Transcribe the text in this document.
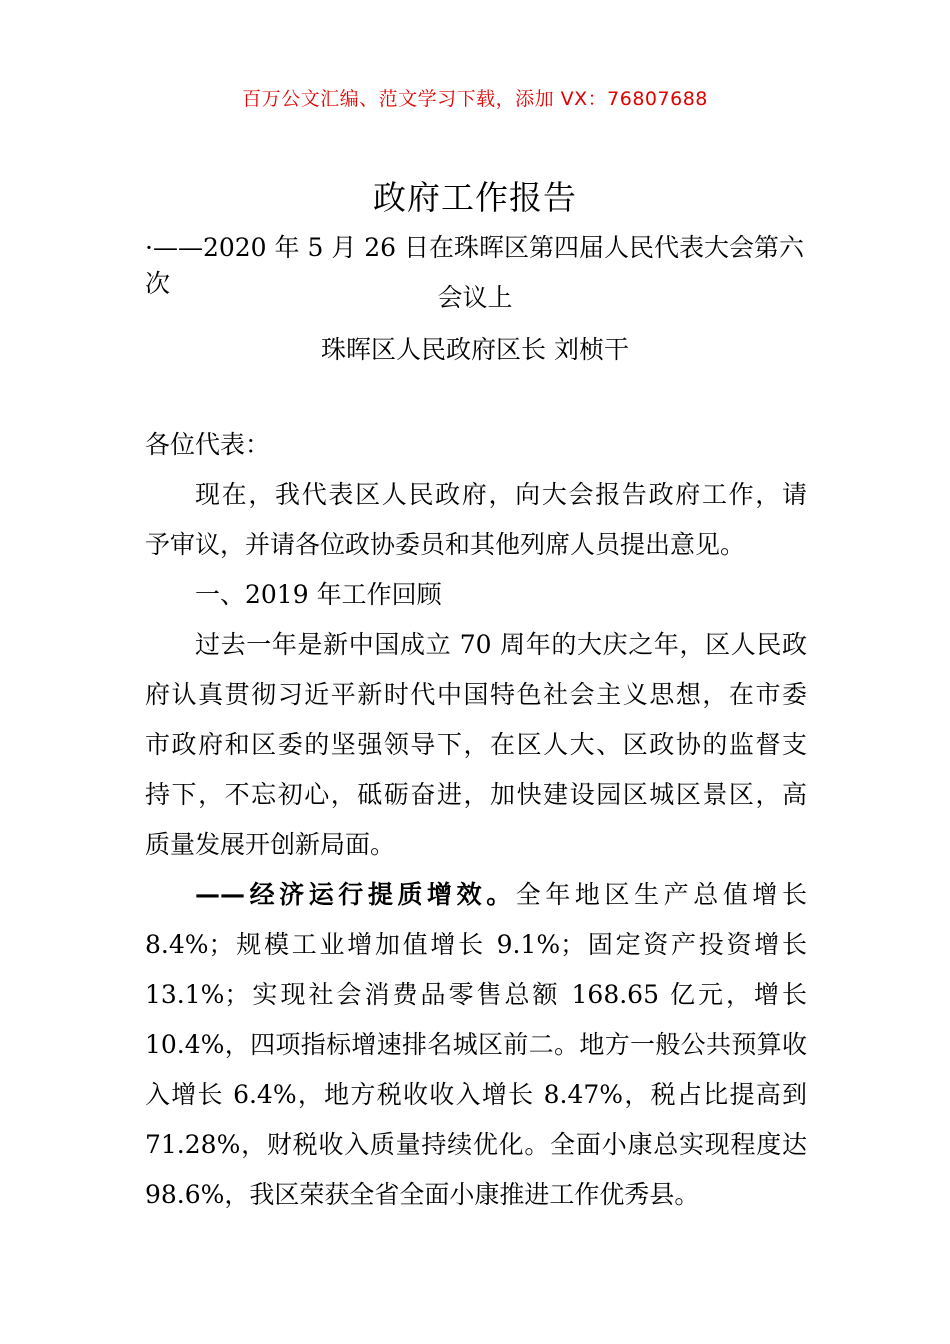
百万公文汇编、范文学习下载，添加 VX：76807688
政府工作报告
·——2020 年 5 月 26 日在珠晖区第四届人民代表大会第六次	会议上
珠晖区人民政府区长 刘桢干
各位代表：
现在，我代表区人民政府，向大会报告政府工作，请
予审议，并请各位政协委员和其他列席人员提出意见。
一、2019 年工作回顾
过去一年是新中国成立 70 周年的大庆之年，区人民政
府认真贯彻习近平新时代中国特色社会主义思想，在市委
市政府和区委的坚强领导下，在区人大、区政协的监督支
持下，不忘初心，砥砺奋进，加快建设园区城区景区，高
质量发展开创新局面。
——经济运行提质增效。全年地区生产总值增长
8.4%；规模工业增加值增长 9.1%；固定资产投资增长
13.1%；实现社会消费品零售总额 168.65 亿元，增长
10.4%，四项指标增速排名城区前二。地方一般公共预算收
入增长 6.4%，地方税收收入增长 8.47%，税占比提高到
71.28%，财税收入质量持续优化。全面小康总实现程度达
98.6%，我区荣获全省全面小康推进工作优秀县。
